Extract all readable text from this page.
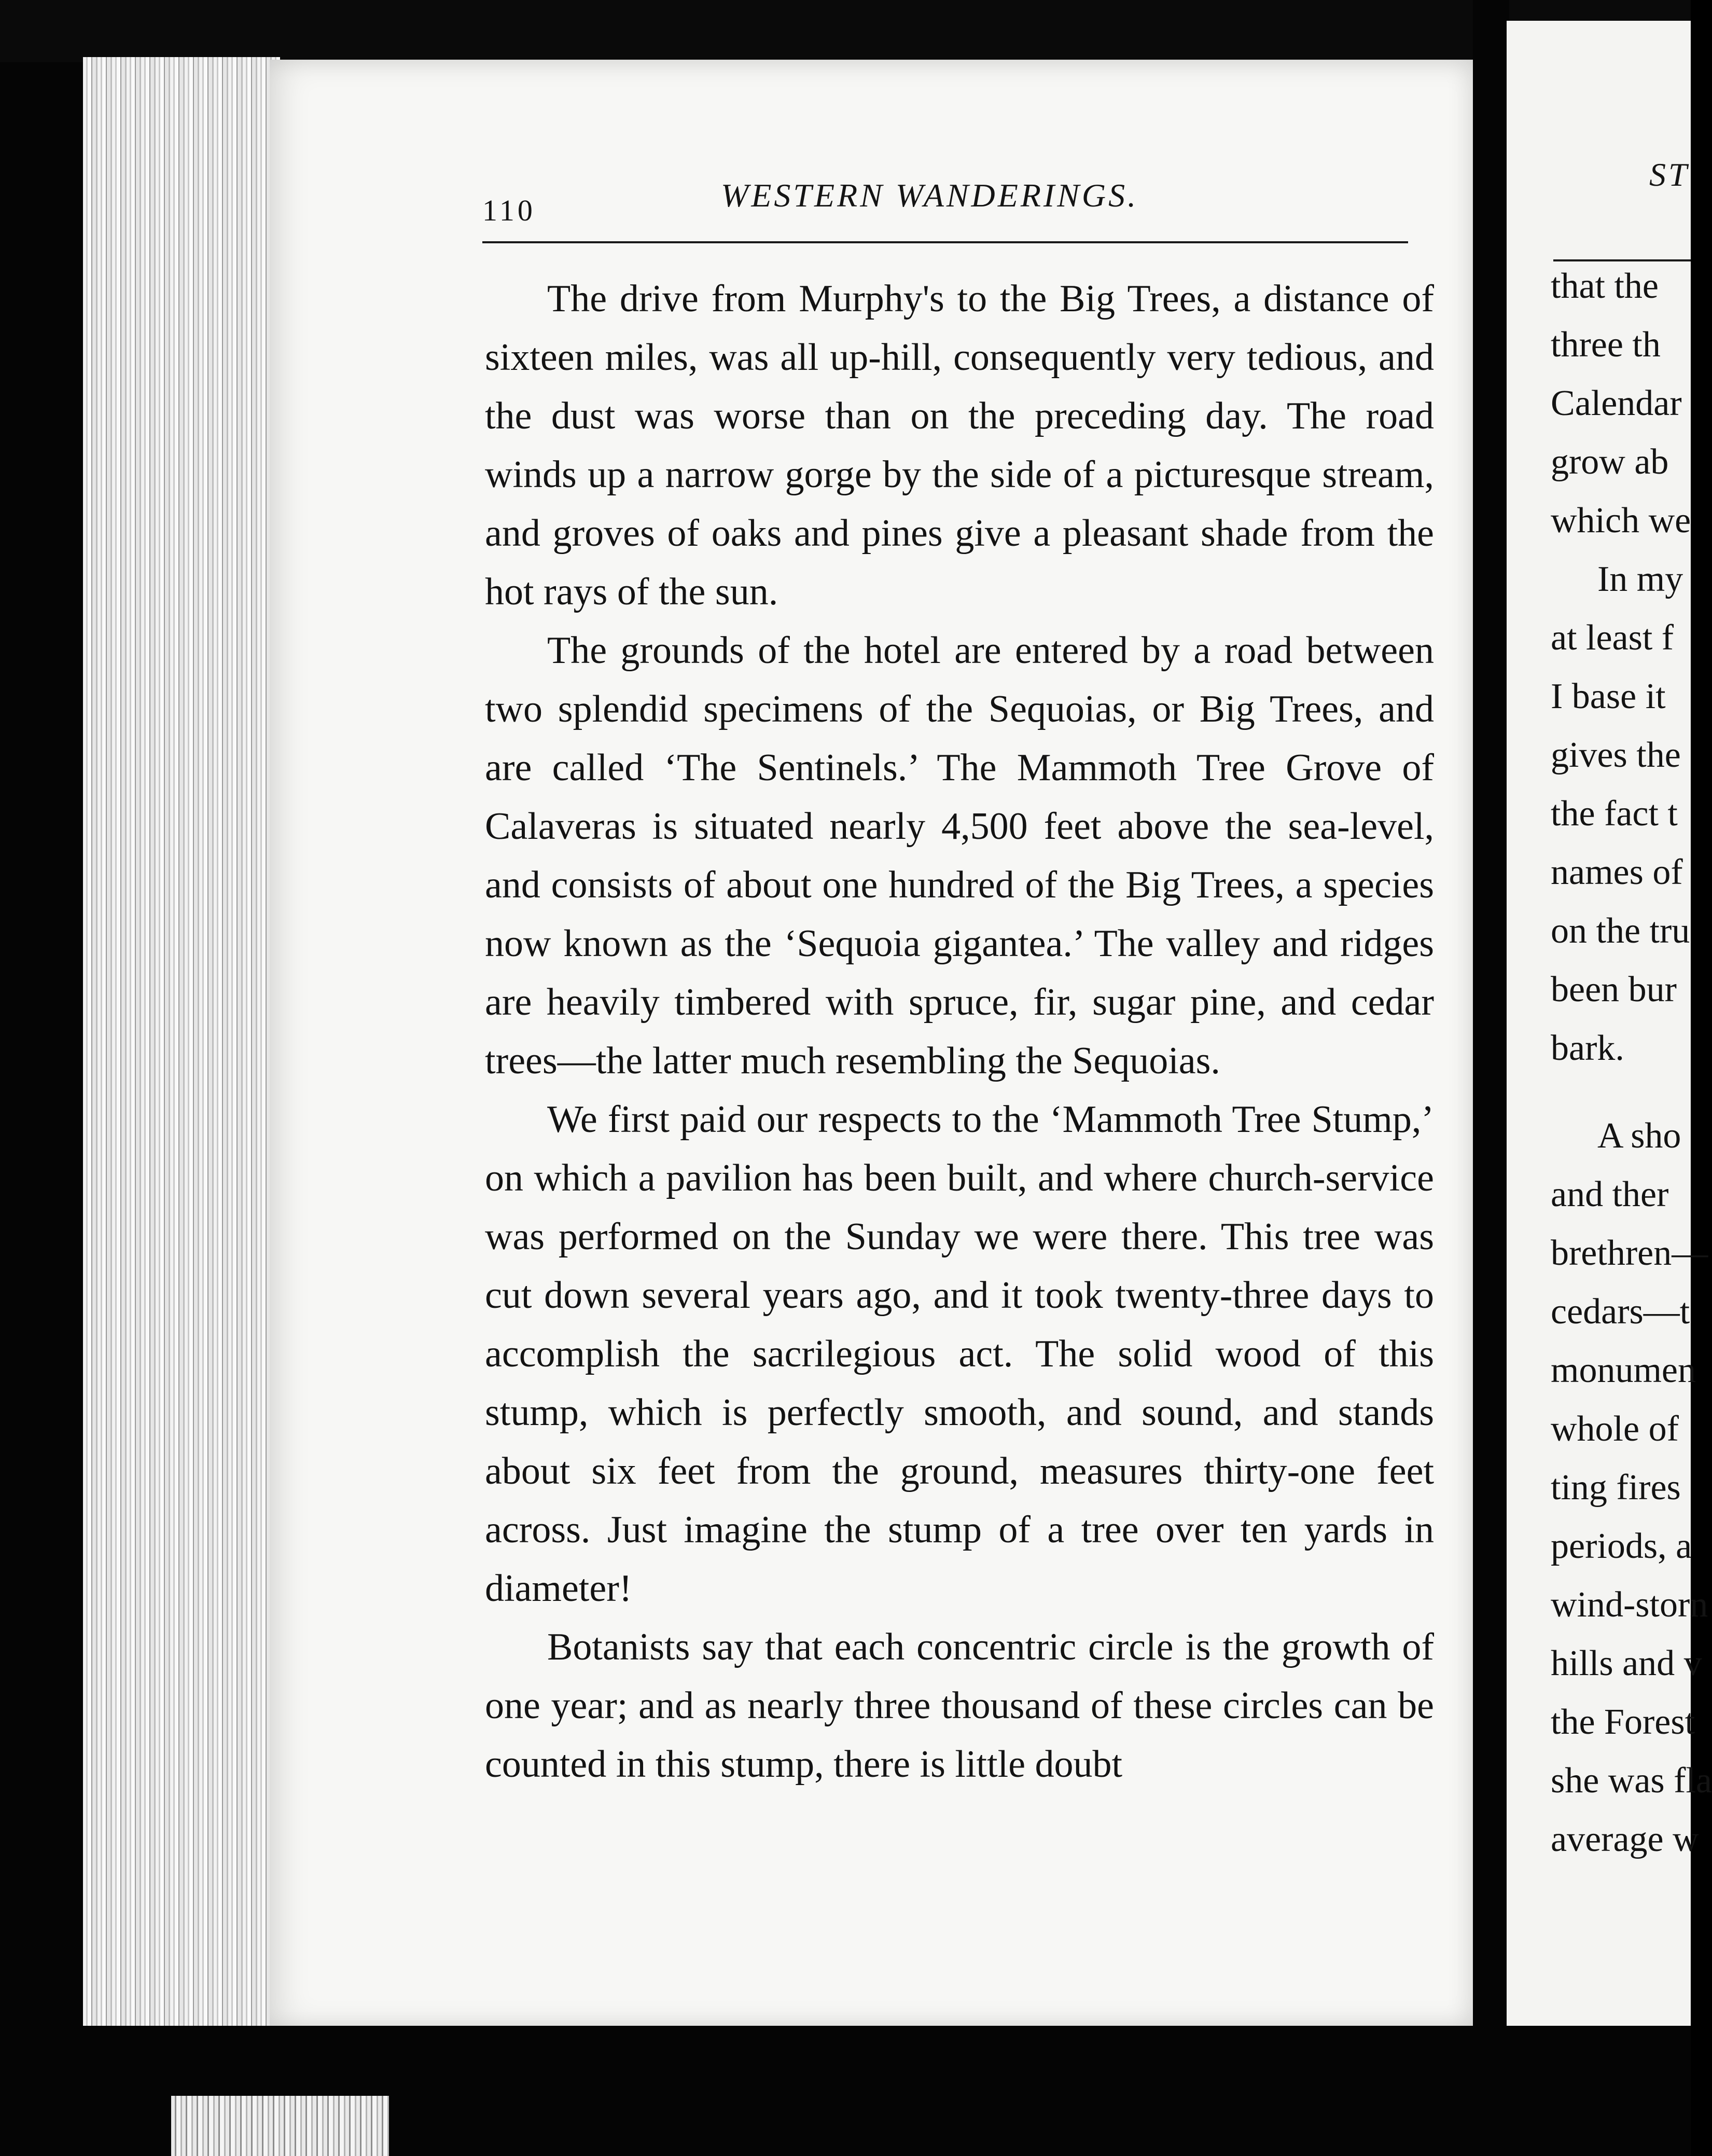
110	WESTERN WANDERINGS.

The drive from Murphy's to the Big Trees, a distance of sixteen miles, was all up-hill, consequently very tedious, and the dust was worse than on the preceding day. The road winds up a narrow gorge by the side of a picturesque stream, and groves of oaks and pines give a pleasant shade from the hot rays of the sun.

The grounds of the hotel are entered by a road between two splendid specimens of the Sequoias, or Big Trees, and are called ‘The Sentinels.’ The Mammoth Tree Grove of Calaveras is situated nearly 4,500 feet above the sea-level, and consists of about one hundred of the Big Trees, a species now known as the ‘Sequoia gigantea.’ The valley and ridges are heavily timbered with spruce, fir, sugar pine, and cedar trees—the latter much resembling the Sequoias.

We first paid our respects to the ‘Mammoth Tree Stump,’ on which a pavilion has been built, and where church-service was performed on the Sunday we were there. This tree was cut down several years ago, and it took twenty-three days to accomplish the sacrilegious act. The solid wood of this stump, which is perfectly smooth, and sound, and stands about six feet from the ground, measures thirty-one feet across. Just imagine the stump of a tree over ten yards in diameter!

Botanists say that each concentric circle is the growth of one year; and as nearly three thousand of these circles can be counted in this stump, there is little doubt

ST
that the
three th
Calendar
grow ab
which we
In my
at least f
I base it
gives the
the fact t
names of
on the tru
been bur
bark.
A sho
and ther
brethren—
cedars—t
monumen
whole of
ting fires
periods, a
wind-storn
hills and v
the Forest
she was fla
average w
